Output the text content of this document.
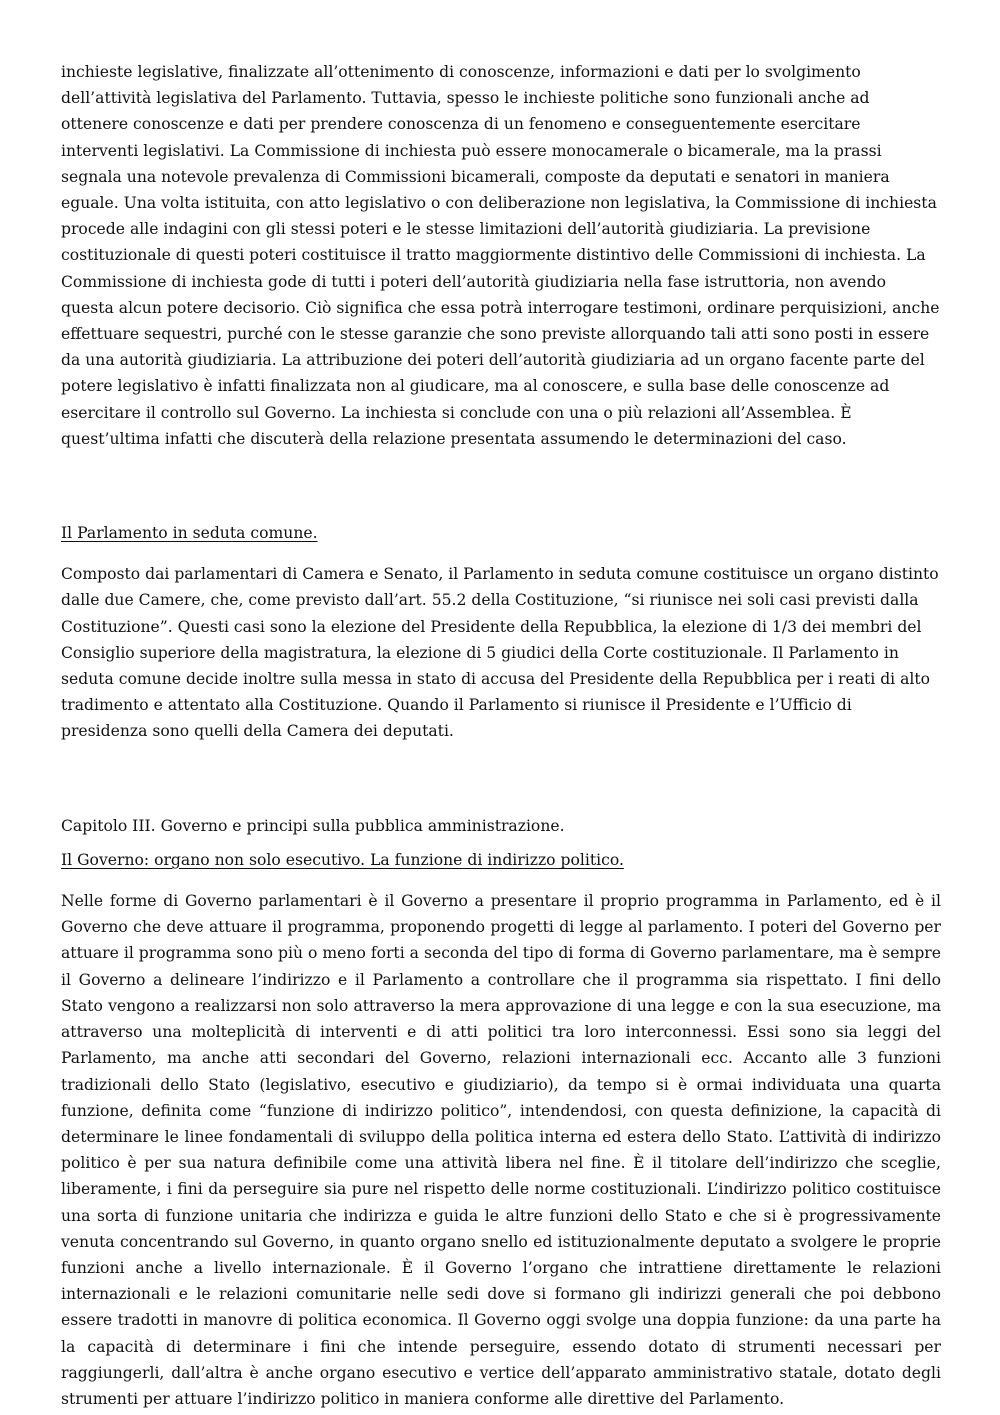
inchieste legislative, finalizzate all’ottenimento di conoscenze, informazioni e dati per lo svolgimento dell’attività legislativa del Parlamento. Tuttavia, spesso le inchieste politiche sono funzionali anche ad ottenere conoscenze e dati per prendere conoscenza di un fenomeno e conseguentemente esercitare interventi legislativi. La Commissione di inchiesta può essere monocamerale o bicamerale, ma la prassi segnala una notevole prevalenza di Commissioni bicamerali, composte da deputati e senatori in maniera eguale. Una volta istituita, con atto legislativo o con deliberazione non legislativa, la Commissione di inchiesta procede alle indagini con gli stessi poteri e le stesse limitazioni dell’autorità giudiziaria. La previsione costituzionale di questi poteri costituisce il tratto maggiormente distintivo delle Commissioni di inchiesta. La Commissione di inchiesta gode di tutti i poteri dell’autorità giudiziaria nella fase istruttoria, non avendo questa alcun potere decisorio. Ciò significa che essa potrà interrogare testimoni, ordinare perquisizioni, anche effettuare sequestri, purché con le stesse garanzie che sono previste allorquando tali atti sono posti in essere da una autorità giudiziaria. La attribuzione dei poteri dell’autorità giudiziaria ad un organo facente parte del potere legislativo è infatti finalizzata non al giudicare, ma al conoscere, e sulla base delle conoscenze ad esercitare il controllo sul Governo. La inchiesta si conclude con una o più relazioni all’Assemblea. È quest’ultima infatti che discuterà della relazione presentata assumendo le determinazioni del caso.

Il Parlamento in seduta comune.

Composto dai parlamentari di Camera e Senato, il Parlamento in seduta comune costituisce un organo distinto dalle due Camere, che, come previsto dall’art. 55.2 della Costituzione, “si riunisce nei soli casi previsti dalla Costituzione”. Questi casi sono la elezione del Presidente della Repubblica, la elezione di 1/3 dei membri del Consiglio superiore della magistratura, la elezione di 5 giudici della Corte costituzionale. Il Parlamento in seduta comune decide inoltre sulla messa in stato di accusa del Presidente della Repubblica per i reati di alto tradimento e attentato alla Costituzione. Quando il Parlamento si riunisce il Presidente e l’Ufficio di presidenza sono quelli della Camera dei deputati.

Capitolo III. Governo e principi sulla pubblica amministrazione.

Il Governo: organo non solo esecutivo. La funzione di indirizzo politico.

Nelle forme di Governo parlamentari è il Governo a presentare il proprio programma in Parlamento, ed è il Governo che deve attuare il programma, proponendo progetti di legge al parlamento. I poteri del Governo per attuare il programma sono più o meno forti a seconda del tipo di forma di Governo parlamentare, ma è sempre il Governo a delineare l’indirizzo e il Parlamento a controllare che il programma sia rispettato. I fini dello Stato vengono a realizzarsi non solo attraverso la mera approvazione di una legge e con la sua esecuzione, ma attraverso una molteplicità di interventi e di atti politici tra loro interconnessi. Essi sono sia leggi del Parlamento, ma anche atti secondari del Governo, relazioni internazionali ecc. Accanto alle 3 funzioni tradizionali dello Stato (legislativo, esecutivo e giudiziario), da tempo si è ormai individuata una quarta funzione, definita come “funzione di indirizzo politico”, intendendosi, con questa definizione, la capacità di determinare le linee fondamentali di sviluppo della politica interna ed estera dello Stato. L’attività di indirizzo politico è per sua natura definibile come una attività libera nel fine. È il titolare dell’indirizzo che sceglie, liberamente, i fini da perseguire sia pure nel rispetto delle norme costituzionali. L’indirizzo politico costituisce una sorta di funzione unitaria che indirizza e guida le altre funzioni dello Stato e che si è progressivamente venuta concentrando sul Governo, in quanto organo snello ed istituzionalmente deputato a svolgere le proprie funzioni anche a livello internazionale. È il Governo l’organo che intrattiene direttamente le relazioni internazionali e le relazioni comunitarie nelle sedi dove si formano gli indirizzi generali che poi debbono essere tradotti in manovre di politica economica. Il Governo oggi svolge una doppia funzione: da una parte ha la capacità di determinare i fini che intende perseguire, essendo dotato di strumenti necessari per raggiungerli, dall’altra è anche organo esecutivo e vertice dell’apparato amministrativo statale, dotato degli strumenti per attuare l’indirizzo politico in maniera conforme alle direttive del Parlamento.
